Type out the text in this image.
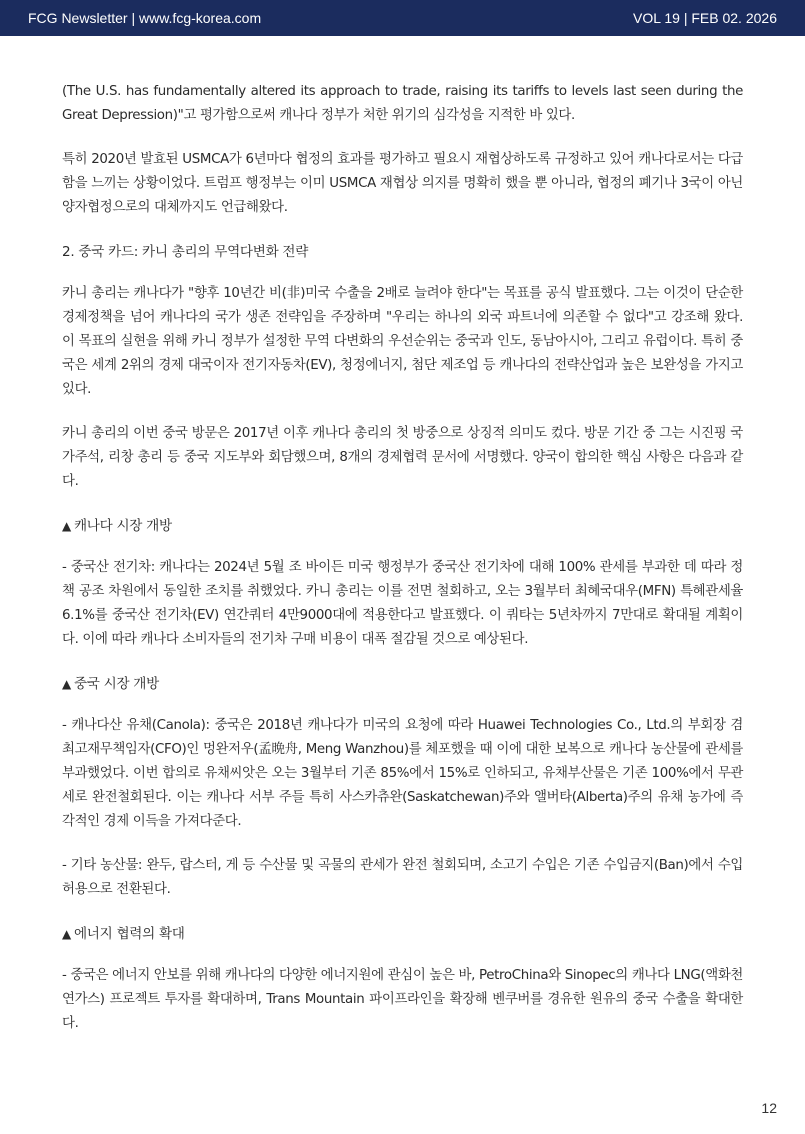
FCG Newsletter | www.fcg-korea.com	VOL 19 | FEB 02. 2026

(The U.S. has fundamentally altered its approach to trade, raising its tariffs to levels last seen during the Great Depression)"고 평가함으로써 캐나다 정부가 처한 위기의 심각성을 지적한 바 있다.

특히 2020년 발효된 USMCA가 6년마다 협정의 효과를 평가하고 필요시 재협상하도록 규정하고 있어 캐나다로서는 다급함을 느끼는 상황이었다. 트럼프 행정부는 이미 USMCA 재협상 의지를 명확히 했을 뿐 아니라, 협정의 폐기나 3국이 아닌 양자협정으로의 대체까지도 언급해왔다.

2. 중국 카드: 카니 총리의 무역다변화 전략

카니 총리는 캐나다가 "향후 10년간 비(非)미국 수출을 2배로 늘려야 한다"는 목표를 공식 발표했다. 그는 이것이 단순한 경제정책을 넘어 캐나다의 국가 생존 전략임을 주장하며 "우리는 하나의 외국 파트너에 의존할 수 없다"고 강조해 왔다. 이 목표의 실현을 위해 카니 정부가 설정한 무역 다변화의 우선순위는 중국과 인도, 동남아시아, 그리고 유럽이다. 특히 중국은 세계 2위의 경제 대국이자 전기자동차(EV), 청정에너지, 첨단 제조업 등 캐나다의 전략산업과 높은 보완성을 가지고 있다.

카니 총리의 이번 중국 방문은 2017년 이후 캐나다 총리의 첫 방중으로 상징적 의미도 컸다. 방문 기간 중 그는 시진핑 국가주석, 리창 총리 등 중국 지도부와 회담했으며, 8개의 경제협력 문서에 서명했다. 양국이 합의한 핵심 사항은 다음과 같다.

▲ 캐나다 시장 개방

- 중국산 전기차: 캐나다는 2024년 5월 조 바이든 미국 행정부가 중국산 전기차에 대해 100% 관세를 부과한 데 따라 정책 공조 차원에서 동일한 조치를 취했었다. 카니 총리는 이를 전면 철회하고, 오는 3월부터 최혜국대우(MFN) 특혜관세율 6.1%를 중국산 전기차(EV) 연간쿼터 4만9000대에 적용한다고 발표했다. 이 쿼타는 5년차까지 7만대로 확대될 계획이다. 이에 따라 캐나다 소비자들의 전기차 구매 비용이 대폭 절감될 것으로 예상된다.

▲ 중국 시장 개방

- 캐나다산 유채(Canola): 중국은 2018년 캐나다가 미국의 요청에 따라 Huawei Technologies Co., Ltd.의 부회장 겸 최고재무책임자(CFO)인 멍완저우(孟晩舟, Meng Wanzhou)를 체포했을 때 이에 대한 보복으로 캐나다 농산물에 관세를 부과했었다. 이번 합의로 유채씨앗은 오는 3월부터 기존 85%에서 15%로 인하되고, 유채부산물은 기존 100%에서 무관세로 완전철회된다. 이는 캐나다 서부 주들 특히 사스카츄완(Saskatchewan)주와 앨버타(Alberta)주의 유채 농가에 즉각적인 경제 이득을 가져다준다.

- 기타 농산물: 완두, 랍스터, 게 등 수산물 및 곡물의 관세가 완전 철회되며, 소고기 수입은 기존 수입금지(Ban)에서 수입 허용으로 전환된다.

▲ 에너지 협력의 확대

- 중국은 에너지 안보를 위해 캐나다의 다양한 에너지원에 관심이 높은 바, PetroChina와 Sinopec의 캐나다 LNG(액화천연가스) 프로젝트 투자를 확대하며, Trans Mountain 파이프라인을 확장해 벤쿠버를 경유한 원유의 중국 수출을 확대한다.

12
